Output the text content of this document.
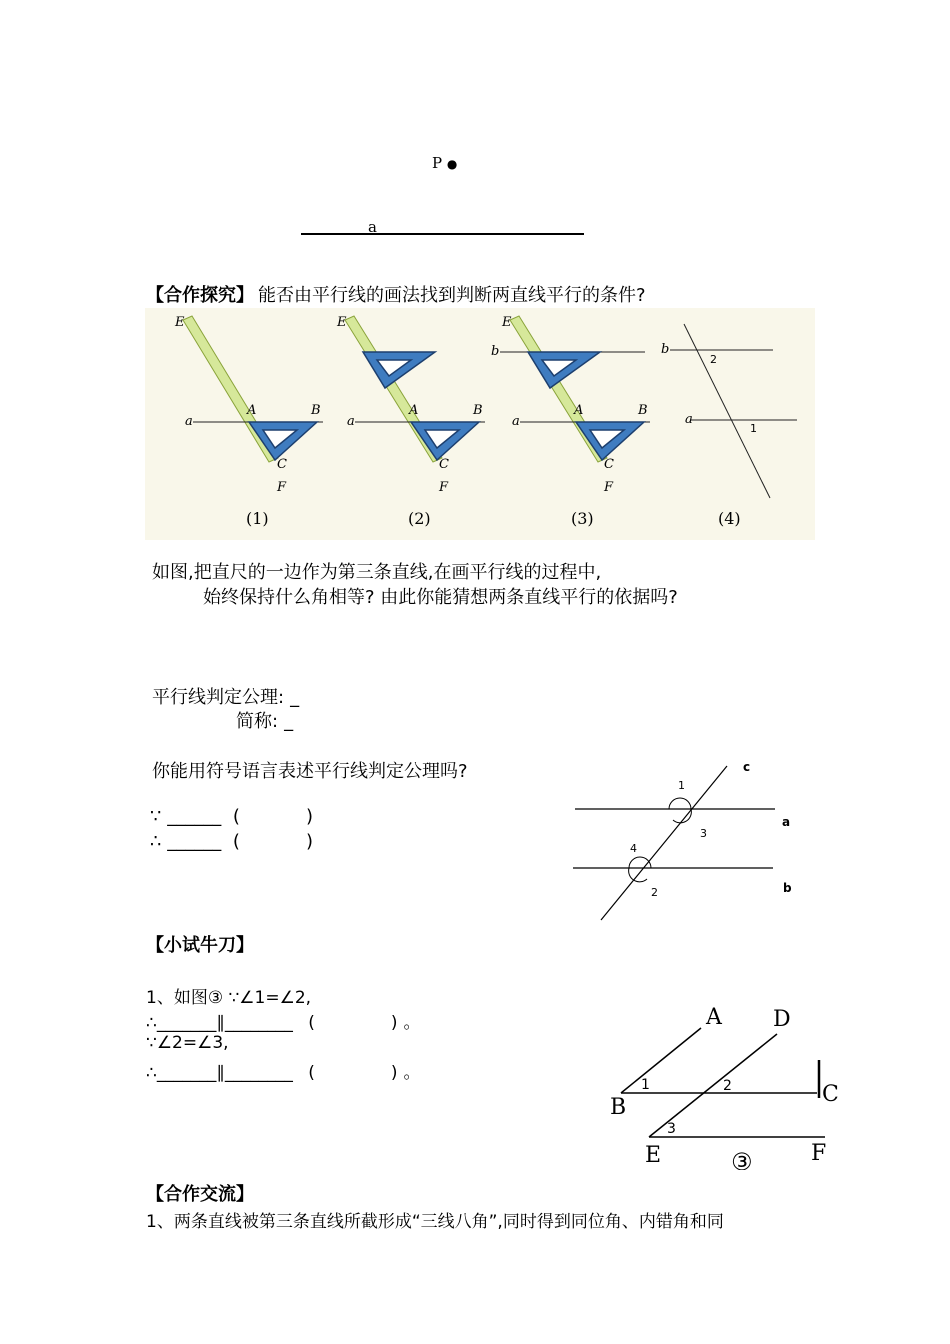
P ●
a
【合作探究】 能否由平行线的画法找到判断两直线平行的条件?
E
a
A	B
C
F
(1)
E
a
A	B
C
F
(2)
E
b
a
A	B
C
F
(3)
b
a
2
1
(4)
如图,把直尺的一边作为第三条直线,在画平行线的过程中,
始终保持什么角相等? 由此你能猜想两条直线平行的依据吗?
平行线判定公理: _
简称: _
你能用符号语言表述平行线判定公理吗?
∵ ______ (	)
∴ ______ (	)
c
a
b
1
3
4
2
【小试牛刀】
1、如图③ ∵∠1=∠2,
∴_______∥________ (	) 。
∵∠2=∠3,
∴_______∥________ (	) 。
A D
B
C
E	F
1	2
3
③
【合作交流】
1、两条直线被第三条直线所截形成“三线八角”,同时得到同位角、内错角和同
